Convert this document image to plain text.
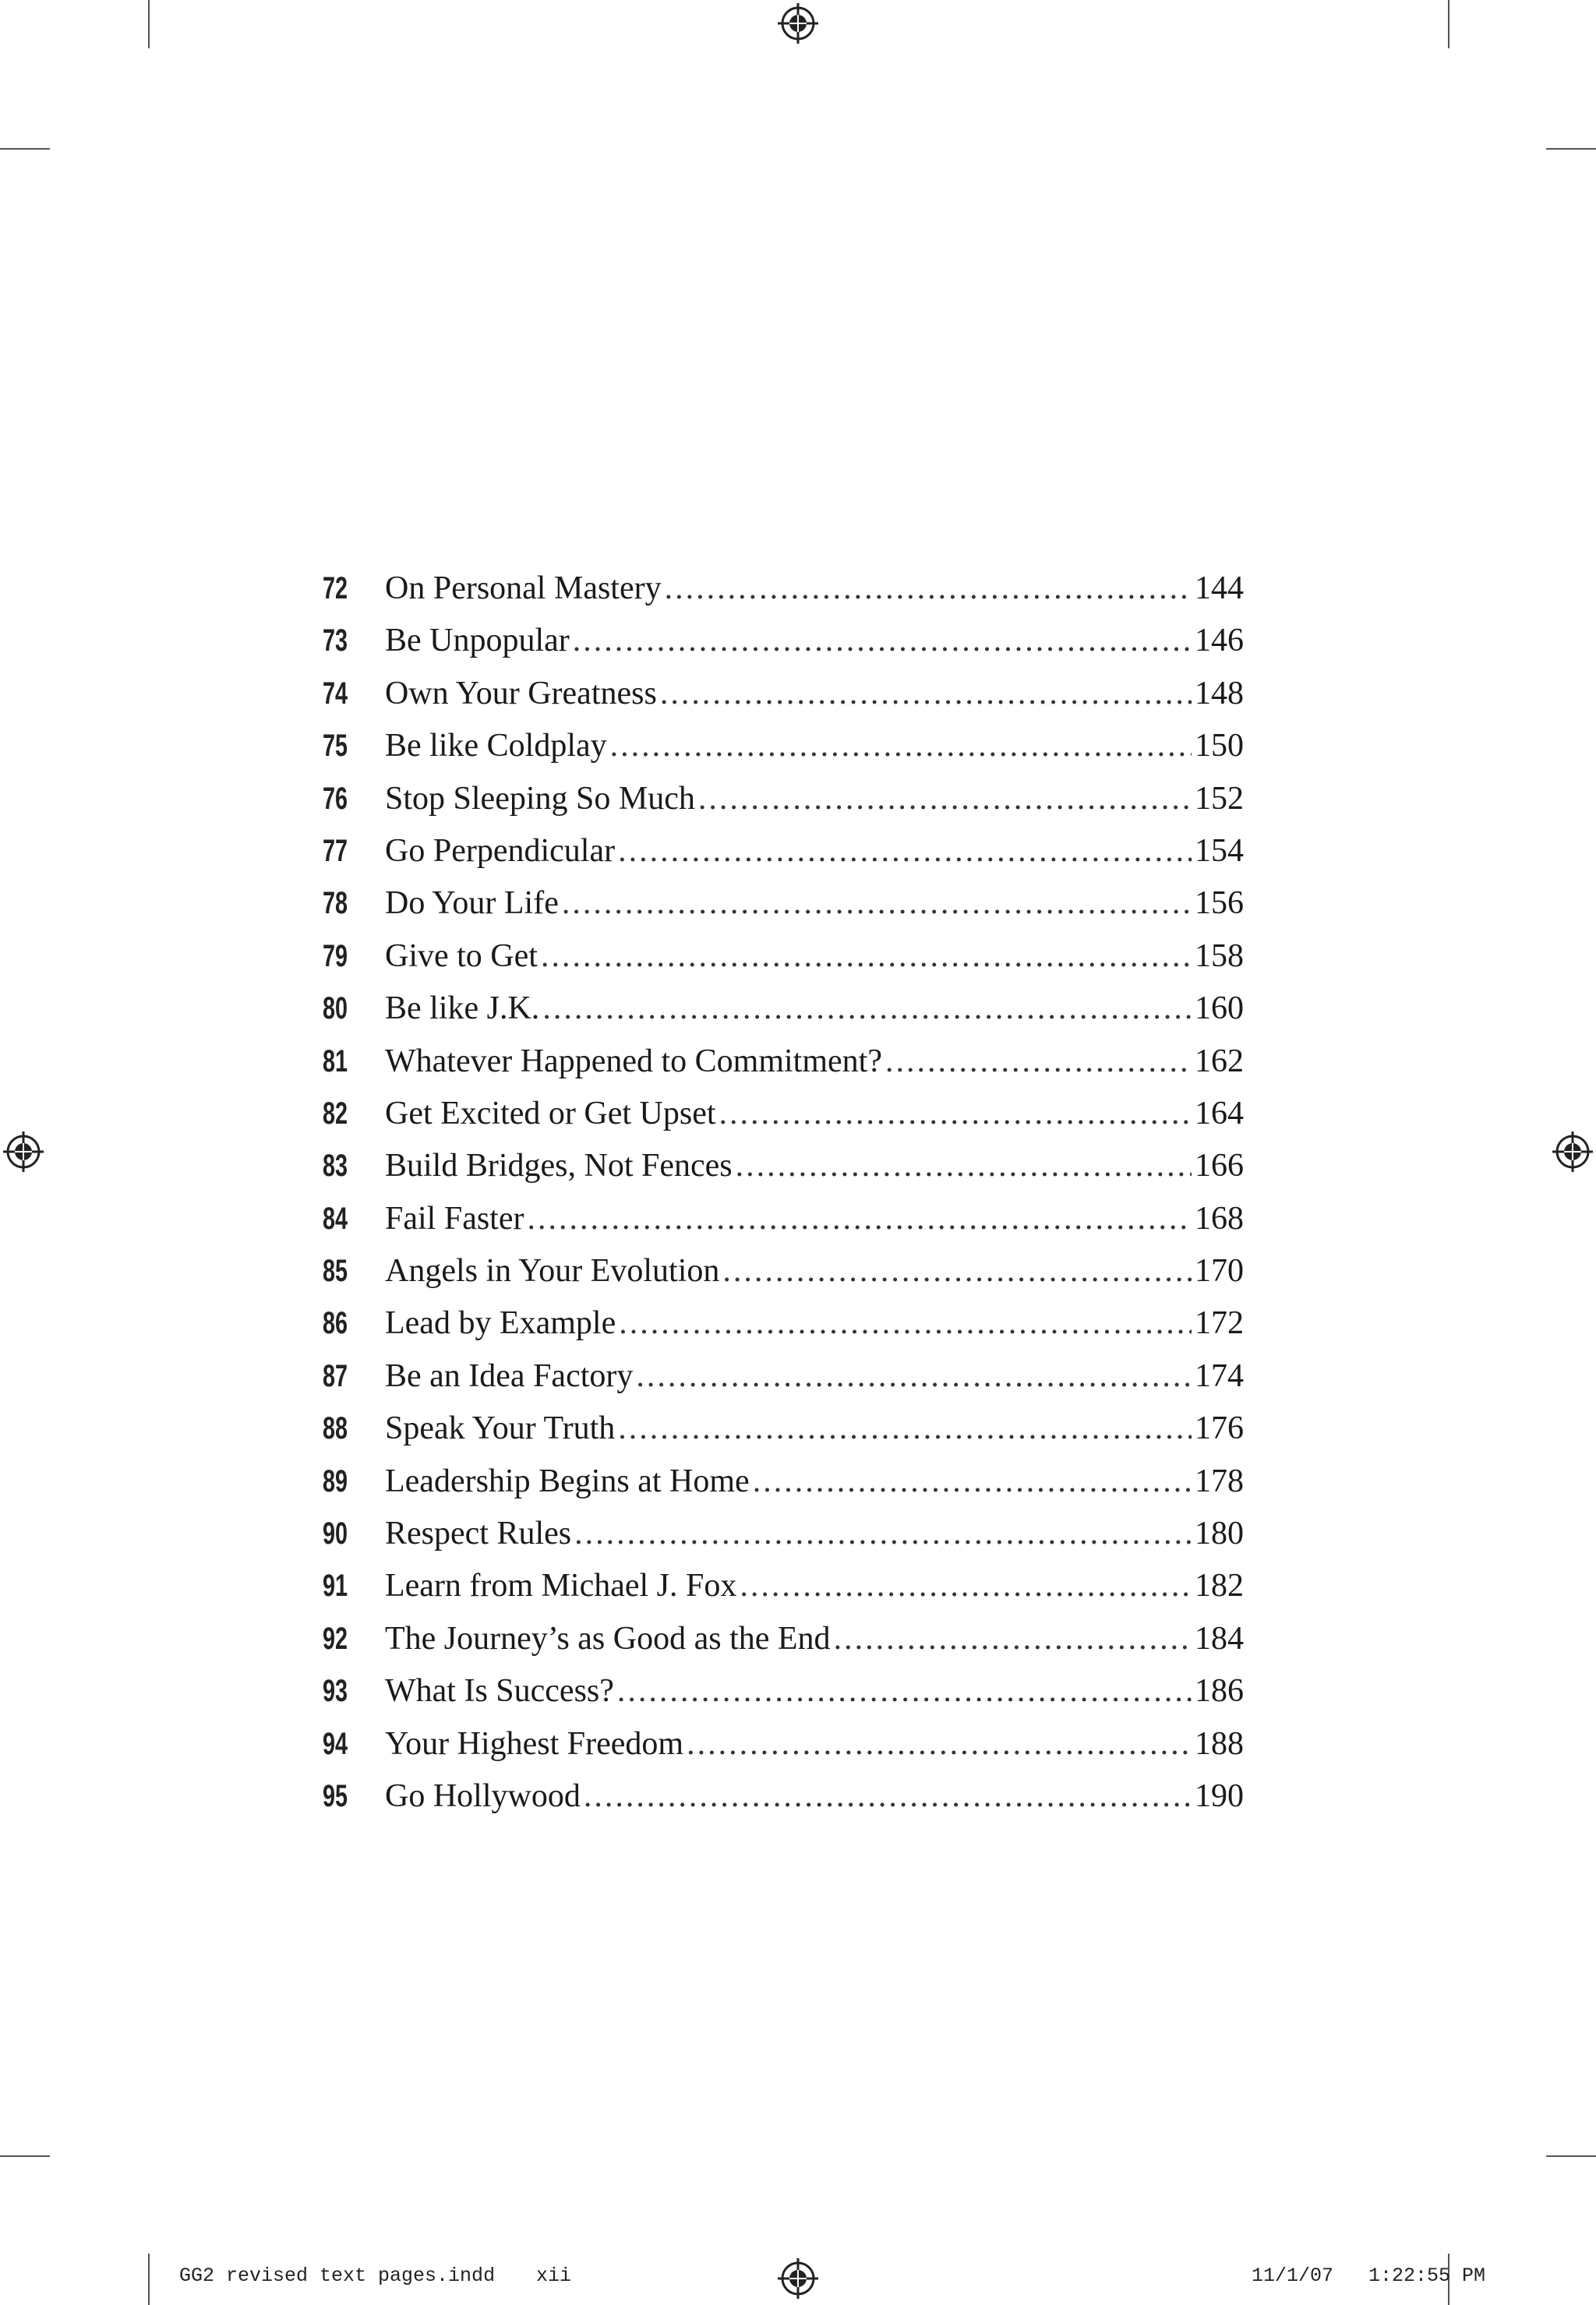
72	On Personal Mastery .....	144
73	Be Unpopular .....	146
74	Own Your Greatness .....	148
75	Be like Coldplay .....	150
76	Stop Sleeping So Much .....	152
77	Go Perpendicular .....	154
78	Do Your Life .....	156
79	Give to Get .....	158
80	Be like J.K. .....	160
81	Whatever Happened to Commitment? .....	162
82	Get Excited or Get Upset .....	164
83	Build Bridges, Not Fences .....	166
84	Fail Faster .....	168
85	Angels in Your Evolution .....	170
86	Lead by Example .....	172
87	Be an Idea Factory .....	174
88	Speak Your Truth .....	176
89	Leadership Begins at Home .....	178
90	Respect Rules .....	180
91	Learn from Michael J. Fox .....	182
92	The Journey’s as Good as the End .....	184
93	What Is Success? .....	186
94	Your Highest Freedom .....	188
95	Go Hollywood .....	190
GG2 revised text pages.indd xii	11/1/07 1:22:55 PM
